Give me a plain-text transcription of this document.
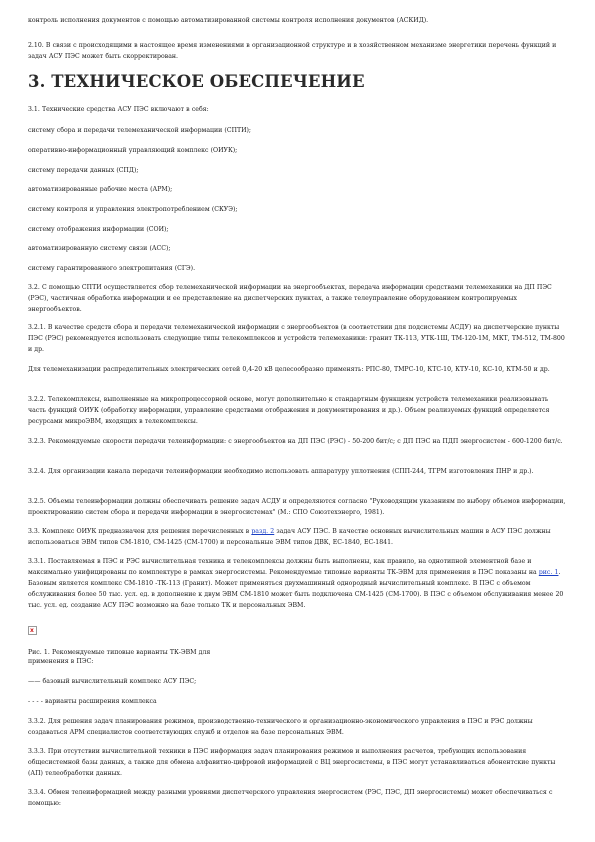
контроль исполнения документов с помощью автоматизированной системы контроля исполнения документов (АСКИД).

2.10. В связи с происходящими в настоящее время изменениями в организационной структуре и в хозяйственном механизме энергетики перечень функций и задач АСУ ПЭС может быть скорректирован.

3. ТЕХНИЧЕСКОЕ ОБЕСПЕЧЕНИЕ

3.1. Технические средства АСУ ПЭС включают в себя:

систему сбора и передачи телемеханической информации (СПТИ);

оперативно-информационный управляющий комплекс (ОИУК);

систему передачи данных (СПД);

автоматизированные рабочие места (АРМ);

систему контроля и управления электропотреблением (СКУЭ);

систему отображения информации (СОИ);

автоматизированную систему связи (АСС);

систему гарантированного электропитания (СГЭ).

3.2. С помощью СПТИ осуществляется сбор телемеханической информации на энергообъектах, передача информации средствами телемеханики на ДП ПЭС (РЭС), частичная обработка информации и ее представление на диспетчерских пунктах, а также телеуправление оборудованием контролируемых энергообъектов.

3.2.1. В качестве средств сбора и передачи телемеханической информации с энергообъектов (в соответствии для подсистемы АСДУ) на диспетчерские пункты ПЭС (РЭС) рекомендуется использовать следующие типы телекомплексов и устройств телемеханики: гранит ТК-113, УТК-1Ш, ТМ-120-1М, МКТ, ТМ-512, ТМ-800 и др.

Для телемеханизации распределительных электрических сетей 0,4-20 кВ целесообразно применять: РПС-80, ТМРС-10, КТС-10, КТУ-10, КС-10, КТМ-50 и др.

3.2.2. Телекомплексы, выполненные на микропроцессорной основе, могут дополнительно к стандартным функциям устройств телемеханики реализовывать часть функций ОИУК (обработку информации, управление средствами отображения и документирования и др.). Объем реализуемых функций определяется ресурсами микроЭВМ, входящих в телекомплексы.

3.2.3. Рекомендуемые скорости передачи телеинформации: с энергообъектов на ДП ПЭС (РЭС) - 50-200 бит/с; с ДП ПЭС на ПДП энергосистем - 600-1200 бит/с.

3.2.4. Для организации канала передачи телеинформации необходимо использовать аппаратуру уплотнения (СПП-244, ТГРМ изготовления ПНР и др.).

3.2.5. Объемы телеинформации должны обеспечивать решение задач АСДУ и определяются согласно "Руководящим указаниям по выбору объемов информации, проектированию систем сбора и передачи информации в энергосистемах" (М.: СПО Союзтехэнерго, 1981).

3.3. Комплекс ОИУК предназначен для решения перечисленных в разд. 2 задач АСУ ПЭС. В качестве основных вычислительных машин в АСУ ПЭС должны использоваться ЭВМ типов СМ-1810, СМ-1425 (СМ-1700) и персональные ЭВМ типов ДВК, ЕС-1840, ЕС-1841.

3.3.1. Поставляемая в ПЭС и РЭС вычислительная техника и телекомплексы должны быть выполнены, как правило, на однотипной элементной базе и максимально унифицированы по комплектуре в рамках энергосистемы. Рекомендуемые типовые варианты ТК-ЭВМ для применения в ПЭС показаны на рис. 1. Базовым является комплекс СМ-1810 -ТК-113 (Гранит). Может применяться двухмашинный однородный вычислительный комплекс. В ПЭС с объемом обслуживания более 50 тыс. усл. ед. в дополнение к двум ЭВМ СМ-1810 может быть подключена СМ-1425 (СМ-1700). В ПЭС с объемом обслуживания менее 20 тыс. усл. ед. создание АСУ ПЭС возможно на базе только ТК и персональных ЭВМ.

x

Рис. 1. Рекомендуемые типовые варианты ТК-ЭВМ для

применения в ПЭС:

—— базовый вычислительный комплекс АСУ ПЭС;

- - - - варианты расширения комплекса

3.3.2. Для решения задач планирования режимов, производственно-технического и организационно-экономического управления в ПЭС и РЭС должны создаваться АРМ специалистов соответствующих служб и отделов на базе персональных ЭВМ.

3.3.3. При отсутствии вычислительной техники в ПЭС информация задач планирования режимов и выполнения расчетов, требующих использования общесистемной базы данных, а также для обмена алфавитно-цифровой информацией с ВЦ энергосистемы, в ПЭС могут устанавливаться абонентские пункты (АП) телеобработки данных.

3.3.4. Обмен телеинформацией между разными уровнями диспетчерского управления энергосистем (РЭС, ПЭС, ДП энергосистемы) может обеспечиваться с помощью:
